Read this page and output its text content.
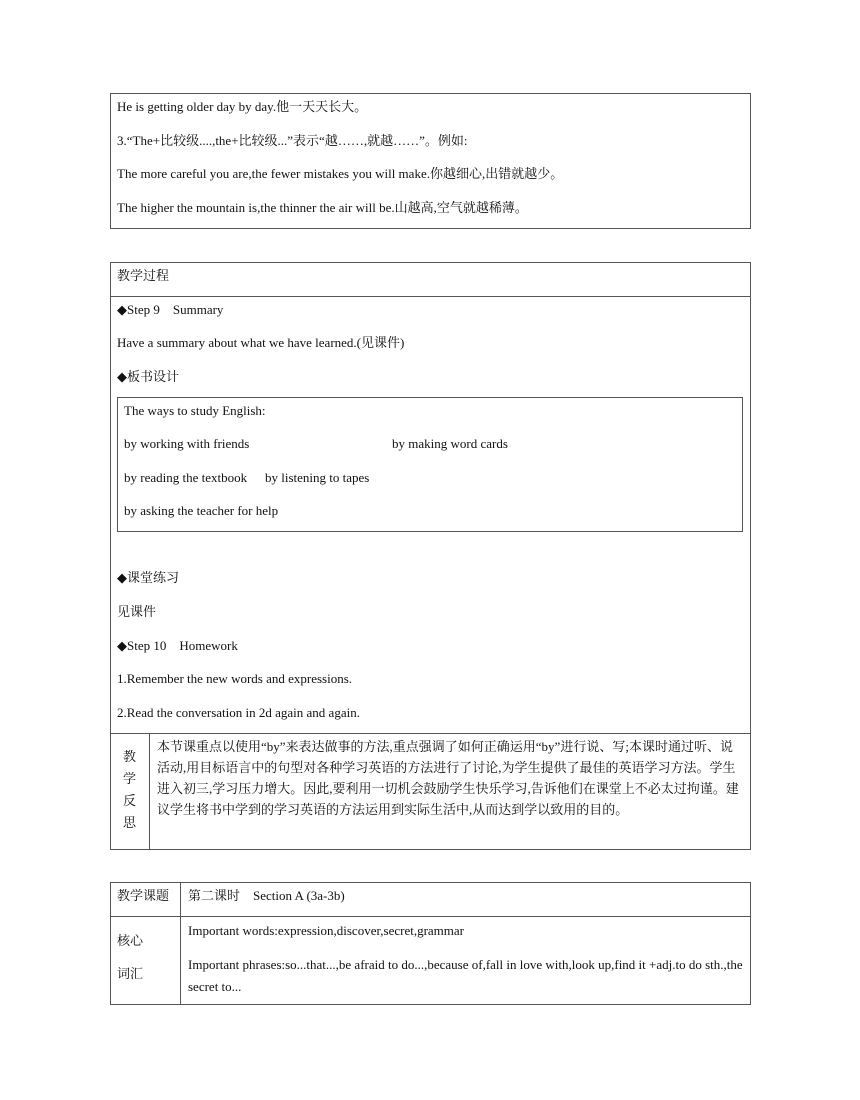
He is getting older day by day.他一天天长大。
3.“The+比较级....,the+比较级...”表示“越……,就越……”。例如:
The more careful you are,the fewer mistakes you will make.你越细心,出错就越少。
The higher the mountain is,the thinner the air will be.山越高,空气就越稀薄。
教学过程
◆Step 9　Summary
Have a summary about what we have learned.(见课件)
◆板书设计
The ways to study English:
by working with friends	by making word cards
by reading the textbook by listening to tapes
by asking the teacher for help
◆课堂练习
见课件
◆Step 10　Homework
1.Remember the new words and expressions.
2.Read the conversation in 2d again and again.
教
学
反
思
本节课重点以使用“by”来表达做事的方法,重点强调了如何正确运用“by”进行说、写;本课时通过听、说活动,用目标语言中的句型对各种学习英语的方法进行了讨论,为学生提供了最佳的英语学习方法。学生进入初三,学习压力增大。因此,要利用一切机会鼓励学生快乐学习,告诉他们在课堂上不必太过拘谨。建议学生将书中学到的学习英语的方法运用到实际生活中,从而达到学以致用的目的。
教学课题 第二课时　Section A (3a-3b)
核心
词汇
Important words:expression,discover,secret,grammar
Important phrases:so...that...,be afraid to do...,because of,fall in love with,look up,find it +adj.to do sth.,the secret to...
